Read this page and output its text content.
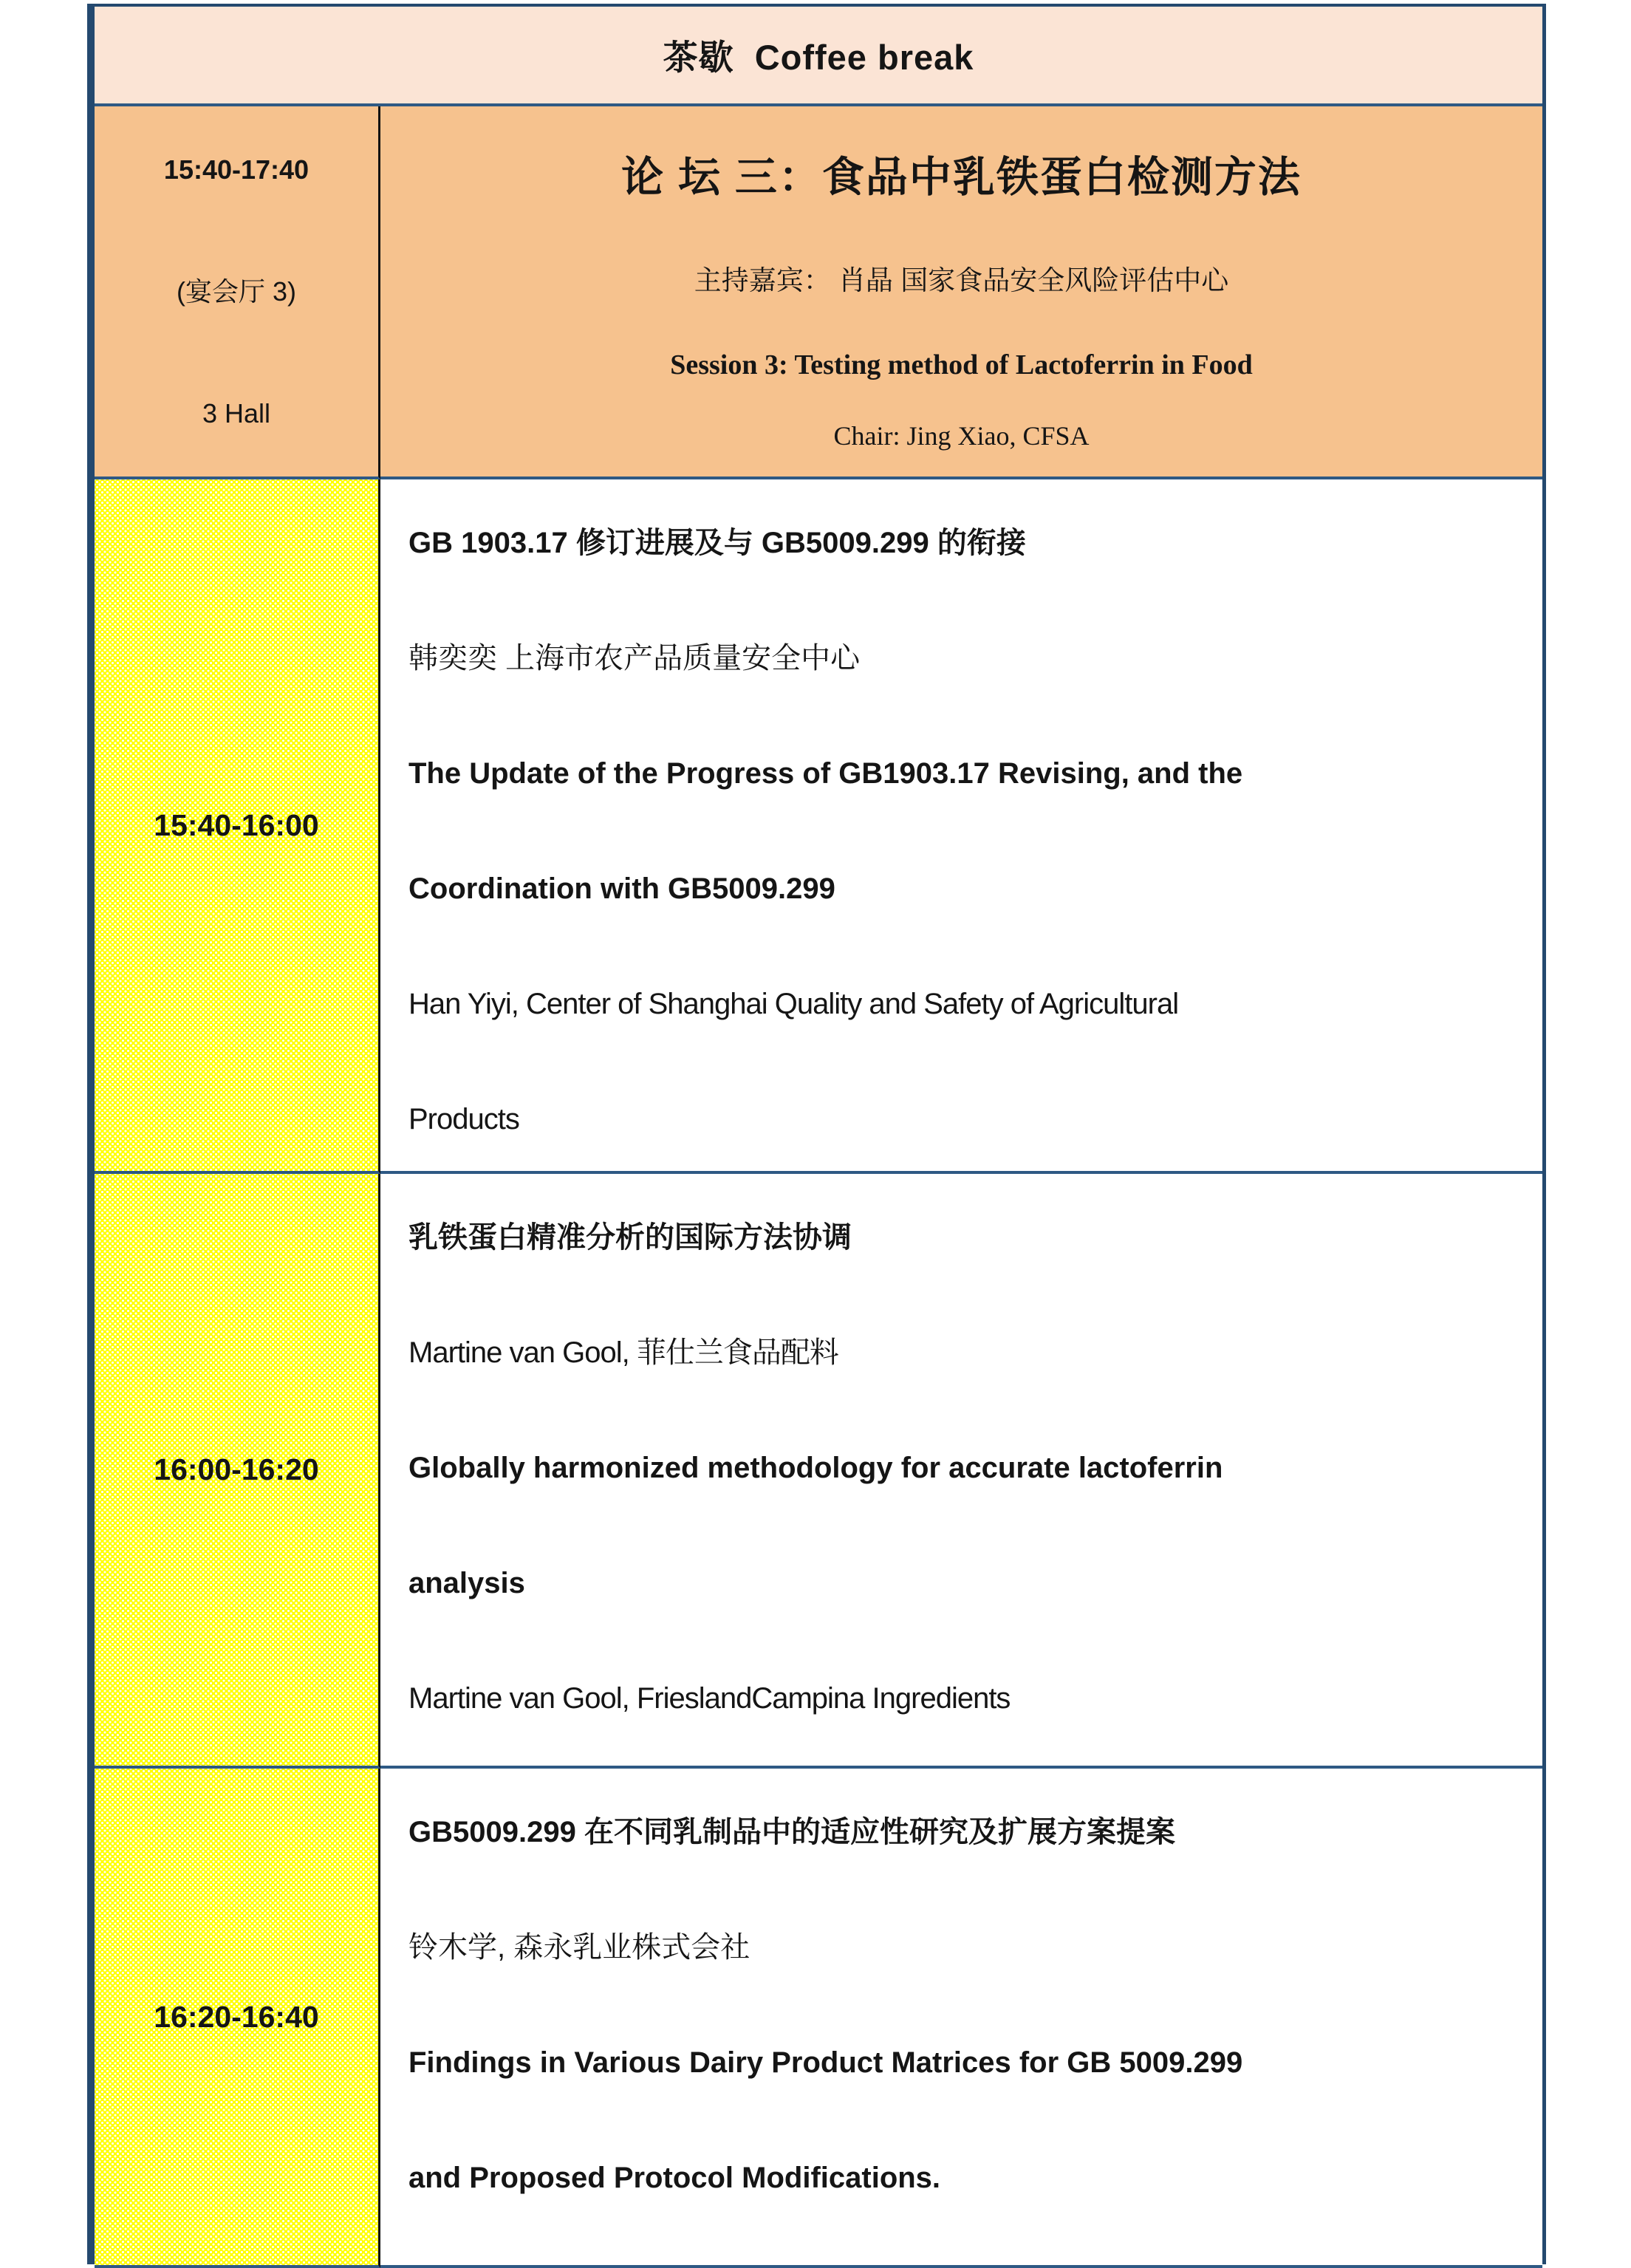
茶歇  Coffee break

15:40-17:40

(宴会厅 3)

3 Hall

论 坛 三：食品中乳铁蛋白检测方法

主持嘉宾： 肖晶 国家食品安全风险评估中心

Session 3: Testing method of Lactoferrin in Food

Chair: Jing Xiao, CFSA

15:40-16:00

GB 1903.17 修订进展及与 GB5009.299 的衔接

韩奕奕 上海市农产品质量安全中心

The Update of the Progress of GB1903.17 Revising, and the

Coordination with GB5009.299

Han Yiyi, Center of Shanghai Quality and Safety of Agricultural

Products

16:00-16:20

乳铁蛋白精准分析的国际方法协调

Martine van Gool, 菲仕兰食品配料

Globally harmonized methodology for accurate lactoferrin

analysis

Martine van Gool, FrieslandCampina Ingredients

16:20-16:40

GB5009.299 在不同乳制品中的适应性研究及扩展方案提案

铃木学, 森永乳业株式会社

Findings in Various Dairy Product Matrices for GB 5009.299

and Proposed Protocol Modifications.
